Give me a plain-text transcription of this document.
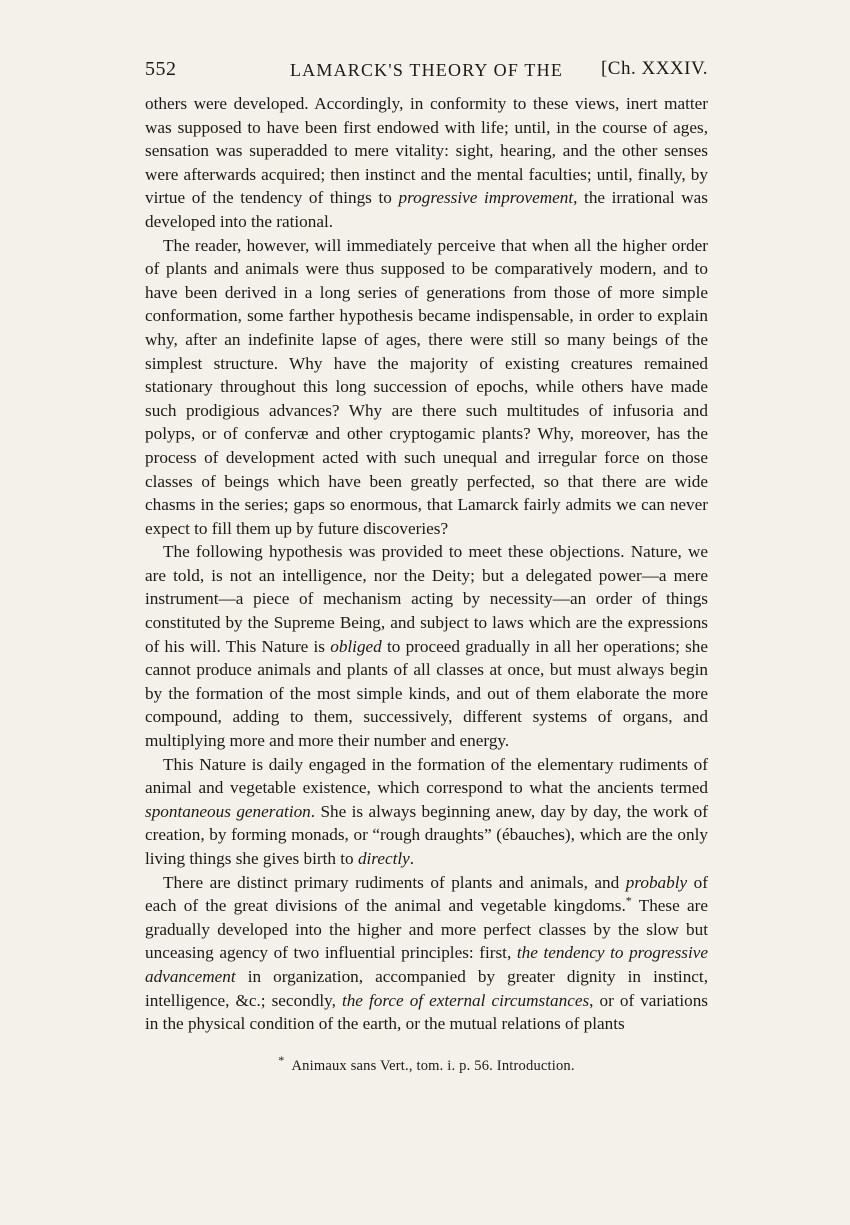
552	LAMARCK'S THEORY OF THE	[Ch. XXXIV.

others were developed. Accordingly, in conformity to these views, inert matter was supposed to have been first endowed with life; until, in the course of ages, sensation was superadded to mere vitality: sight, hearing, and the other senses were afterwards acquired; then instinct and the mental faculties; until, finally, by virtue of the tendency of things to progressive improvement, the irrational was developed into the rational.

The reader, however, will immediately perceive that when all the higher order of plants and animals were thus supposed to be comparatively modern, and to have been derived in a long series of generations from those of more simple conformation, some farther hypothesis became indispensable, in order to explain why, after an indefinite lapse of ages, there were still so many beings of the simplest structure. Why have the majority of existing creatures remained stationary throughout this long succession of epochs, while others have made such prodigious advances? Why are there such multitudes of infusoria and polyps, or of confervæ and other cryptogamic plants? Why, moreover, has the process of development acted with such unequal and irregular force on those classes of beings which have been greatly perfected, so that there are wide chasms in the series; gaps so enormous, that Lamarck fairly admits we can never expect to fill them up by future discoveries?

The following hypothesis was provided to meet these objections. Nature, we are told, is not an intelligence, nor the Deity; but a delegated power—a mere instrument—a piece of mechanism acting by necessity—an order of things constituted by the Supreme Being, and subject to laws which are the expressions of his will. This Nature is obliged to proceed gradually in all her operations; she cannot produce animals and plants of all classes at once, but must always begin by the formation of the most simple kinds, and out of them elaborate the more compound, adding to them, successively, different systems of organs, and multiplying more and more their number and energy.

This Nature is daily engaged in the formation of the elementary rudiments of animal and vegetable existence, which correspond to what the ancients termed spontaneous generation. She is always beginning anew, day by day, the work of creation, by forming monads, or “rough draughts” (ébauches), which are the only living things she gives birth to directly.

There are distinct primary rudiments of plants and animals, and probably of each of the great divisions of the animal and vegetable kingdoms.* These are gradually developed into the higher and more perfect classes by the slow but unceasing agency of two influential principles: first, the tendency to progressive advancement in organization, accompanied by greater dignity in instinct, intelligence, &c.; secondly, the force of external circumstances, or of variations in the physical condition of the earth, or the mutual relations of plants

* Animaux sans Vert., tom. i. p. 56. Introduction.
